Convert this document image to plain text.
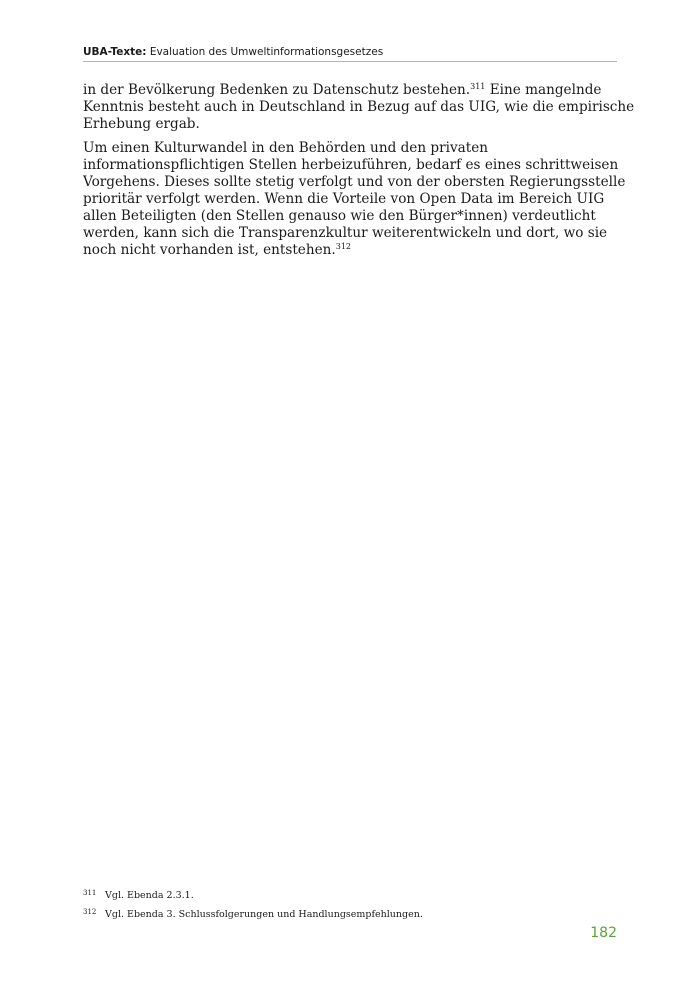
UBA-Texte: Evaluation des Umweltinformationsgesetzes

in der Bevölkerung Bedenken zu Datenschutz bestehen.$^{311}$ Eine mangelnde
Kenntnis besteht auch in Deutschland in Bezug auf das UIG, wie die empirische
Erhebung ergab.

Um einen Kulturwandel in den Behörden und den privaten
informationspflichtigen Stellen herbeizuführen, bedarf es eines schrittweisen
Vorgehens. Dieses sollte stetig verfolgt und von der obersten Regierungsstelle
prioritär verfolgt werden. Wenn die Vorteile von Open Data im Bereich UIG
allen Beteiligten (den Stellen genauso wie den Bürger*innen) verdeutlicht
werden, kann sich die Transparenzkultur weiterentwickeln und dort, wo sie
noch nicht vorhanden ist, entstehen.$^{312}$

311 Vgl. Ebenda 2.3.1.
312 Vgl. Ebenda 3. Schlussfolgerungen und Handlungsempfehlungen.
182
